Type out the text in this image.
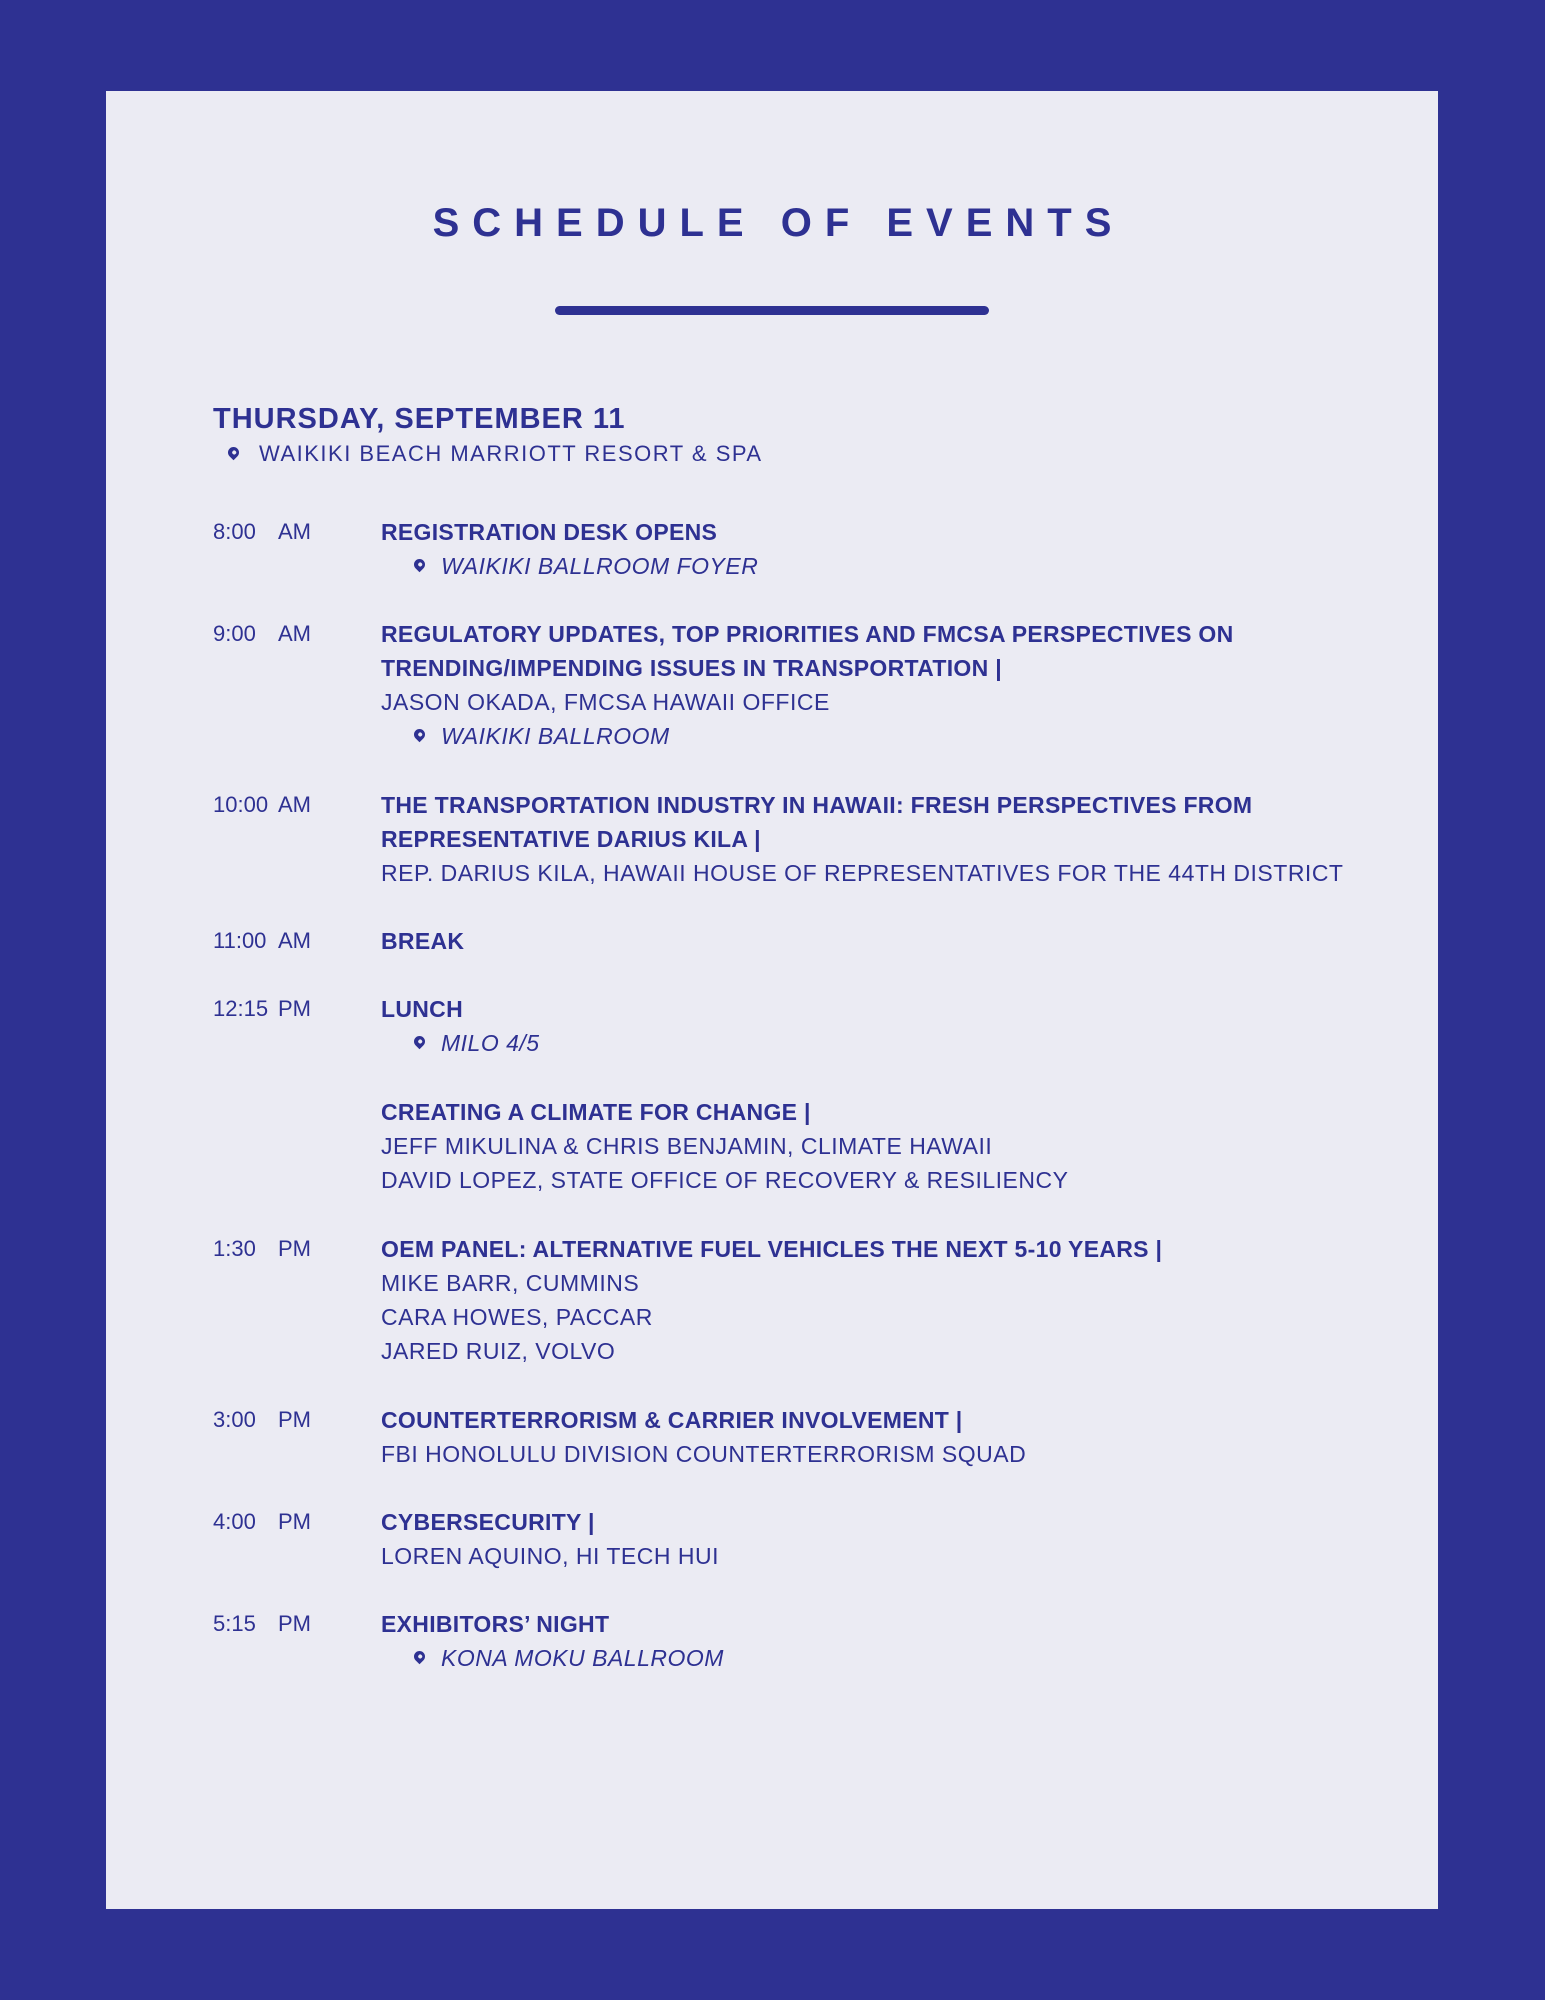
SCHEDULE OF EVENTS
THURSDAY, SEPTEMBER 11
WAIKIKI BEACH MARRIOTT RESORT & SPA
8:00 AM	REGISTRATION DESK OPENS
WAIKIKI BALLROOM FOYER
9:00 AM	REGULATORY UPDATES, TOP PRIORITIES AND FMCSA PERSPECTIVES ON
TRENDING/IMPENDING ISSUES IN TRANSPORTATION |
JASON OKADA, FMCSA HAWAII OFFICE
WAIKIKI BALLROOM
10:00 AM	THE TRANSPORTATION INDUSTRY IN HAWAII: FRESH PERSPECTIVES FROM
REPRESENTATIVE DARIUS KILA |
REP. DARIUS KILA, HAWAII HOUSE OF REPRESENTATIVES FOR THE 44TH DISTRICT
11:00 AM	BREAK
12:15 PM	LUNCH
MILO 4/5
CREATING A CLIMATE FOR CHANGE |
JEFF MIKULINA & CHRIS BENJAMIN, CLIMATE HAWAII
DAVID LOPEZ, STATE OFFICE OF RECOVERY & RESILIENCY
1:30 PM	OEM PANEL: ALTERNATIVE FUEL VEHICLES THE NEXT 5-10 YEARS |
MIKE BARR, CUMMINS
CARA HOWES, PACCAR
JARED RUIZ, VOLVO
3:00 PM	COUNTERTERRORISM & CARRIER INVOLVEMENT |
FBI HONOLULU DIVISION COUNTERTERRORISM SQUAD
4:00 PM	CYBERSECURITY |
LOREN AQUINO, HI TECH HUI
5:15 PM	EXHIBITORS’ NIGHT
KONA MOKU BALLROOM
